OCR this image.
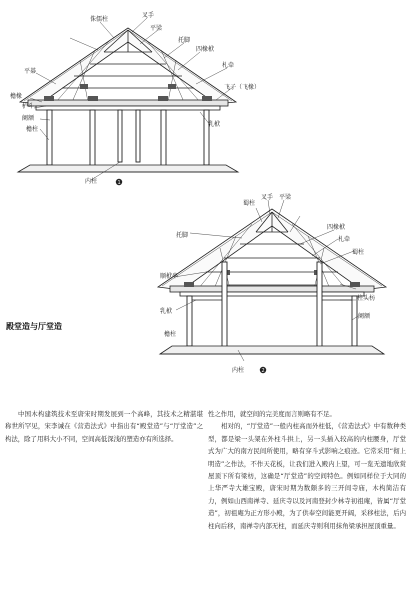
侏儒柱
叉手
平梁
托脚
四椽栿
札牵
飞子（飞椽）
平棊
檐椽
栌斗
阑额
檐柱
乳栿
内柱	1
托脚
蜀柱
叉手 平梁
四椽栿
札牵
蜀柱
顺栿串
柱头枋
乳栿
阑额
檐柱
内柱	2
殿堂造与厅堂造

中国木构建筑技术至唐宋时期发展到一个高峰，其技术之精湛堪称世所罕见，宋李诫在《营造法式》中指出有“殿堂造”与“厅堂造”之构法，除了用料大小不同，空间高低深浅的塑造亦有所选择。

性之作用，就空间的完美度而言则略有不足。

相对的，“厅堂造”一般内柱高而外柱低，《营造法式》中有数种类型，都是梁一头架在外柱斗拱上，另一头插入较高的内柱腰身，厅堂式为广大的南方民间所使用，略有穿斗式影响之痕迹。它常采用“彻上明造”之作法，不作天花板，让我们进入殿内上望，可一览无遗地欣赏屋顶下所有梁枋，这确是“厅堂造”的空间特色。例如同样位于大同的上华严寺大雄宝殿，唐宋时期为数颇多的三开间寺庙，木构简洁有力，例如山西南禅寺、延庆寺以及河南登封少林寺初祖庵，皆属“厅堂造”，初祖庵为正方形小殿，为了供奉空间能更开阔，采移柱法，后内柱向后移，南禅寺内部无柱，而延庆寺则利用抹角梁承担屋顶重量。
